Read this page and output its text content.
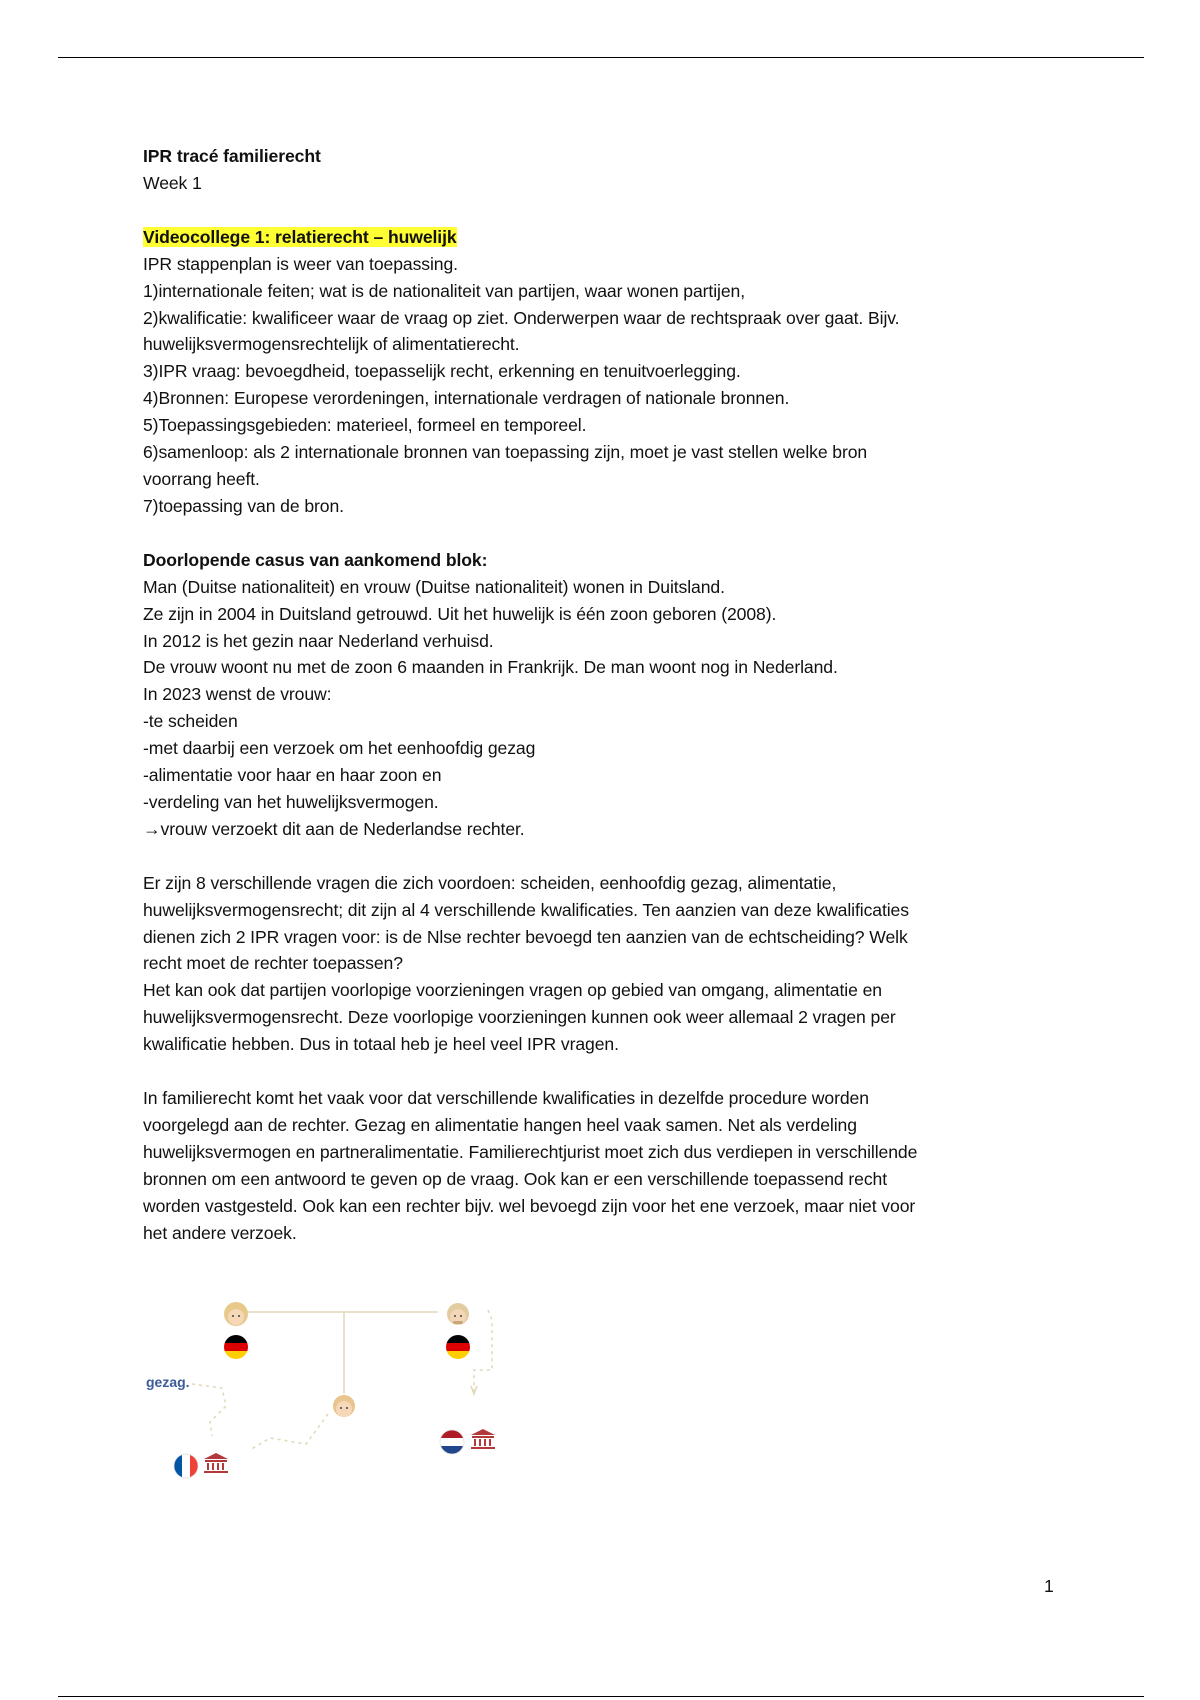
IPR tracé familierecht

Week 1

Videocollege 1: relatierecht – huwelijk

IPR stappenplan is weer van toepassing.

1)internationale feiten; wat is de nationaliteit van partijen, waar wonen partijen,

2)kwalificatie: kwalificeer waar de vraag op ziet. Onderwerpen waar de rechtspraak over gaat. Bijv.

huwelijksvermogensrechtelijk of alimentatierecht.

3)IPR vraag: bevoegdheid, toepasselijk recht, erkenning en tenuitvoerlegging.

4)Bronnen: Europese verordeningen, internationale verdragen of nationale bronnen.

5)Toepassingsgebieden: materieel, formeel en temporeel.

6)samenloop: als 2 internationale bronnen van toepassing zijn, moet je vast stellen welke bron

voorrang heeft.

7)toepassing van de bron.

Doorlopende casus van aankomend blok:

Man (Duitse nationaliteit) en vrouw (Duitse nationaliteit) wonen in Duitsland.

Ze zijn in 2004 in Duitsland getrouwd. Uit het huwelijk is één zoon geboren (2008).

In 2012 is het gezin naar Nederland verhuisd.

De vrouw woont nu met de zoon 6 maanden in Frankrijk. De man woont nog in Nederland.

In 2023 wenst de vrouw:

-te scheiden

-met daarbij een verzoek om het eenhoofdig gezag

-alimentatie voor haar en haar zoon en

-verdeling van het huwelijksvermogen.

→vrouw verzoekt dit aan de Nederlandse rechter.

Er zijn 8 verschillende vragen die zich voordoen: scheiden, eenhoofdig gezag, alimentatie,

huwelijksvermogensrecht; dit zijn al 4 verschillende kwalificaties. Ten aanzien van deze kwalificaties

dienen zich 2 IPR vragen voor: is de Nlse rechter bevoegd ten aanzien van de echtscheiding? Welk

recht moet de rechter toepassen?

Het kan ook dat partijen voorlopige voorzieningen vragen op gebied van omgang, alimentatie en

huwelijksvermogensrecht. Deze voorlopige voorzieningen kunnen ook weer allemaal 2 vragen per

kwalificatie hebben. Dus in totaal heb je heel veel IPR vragen.

In familierecht komt het vaak voor dat verschillende kwalificaties in dezelfde procedure worden

voorgelegd aan de rechter. Gezag en alimentatie hangen heel vaak samen. Net als verdeling

huwelijksvermogen en partneralimentatie. Familierechtjurist moet zich dus verdiepen in verschillende

bronnen om een antwoord te geven op de vraag. Ook kan er een verschillende toepassend recht

worden vastgesteld. Ook kan een rechter bijv. wel bevoegd zijn voor het ene verzoek, maar niet voor

het andere verzoek.

gezag.
1
